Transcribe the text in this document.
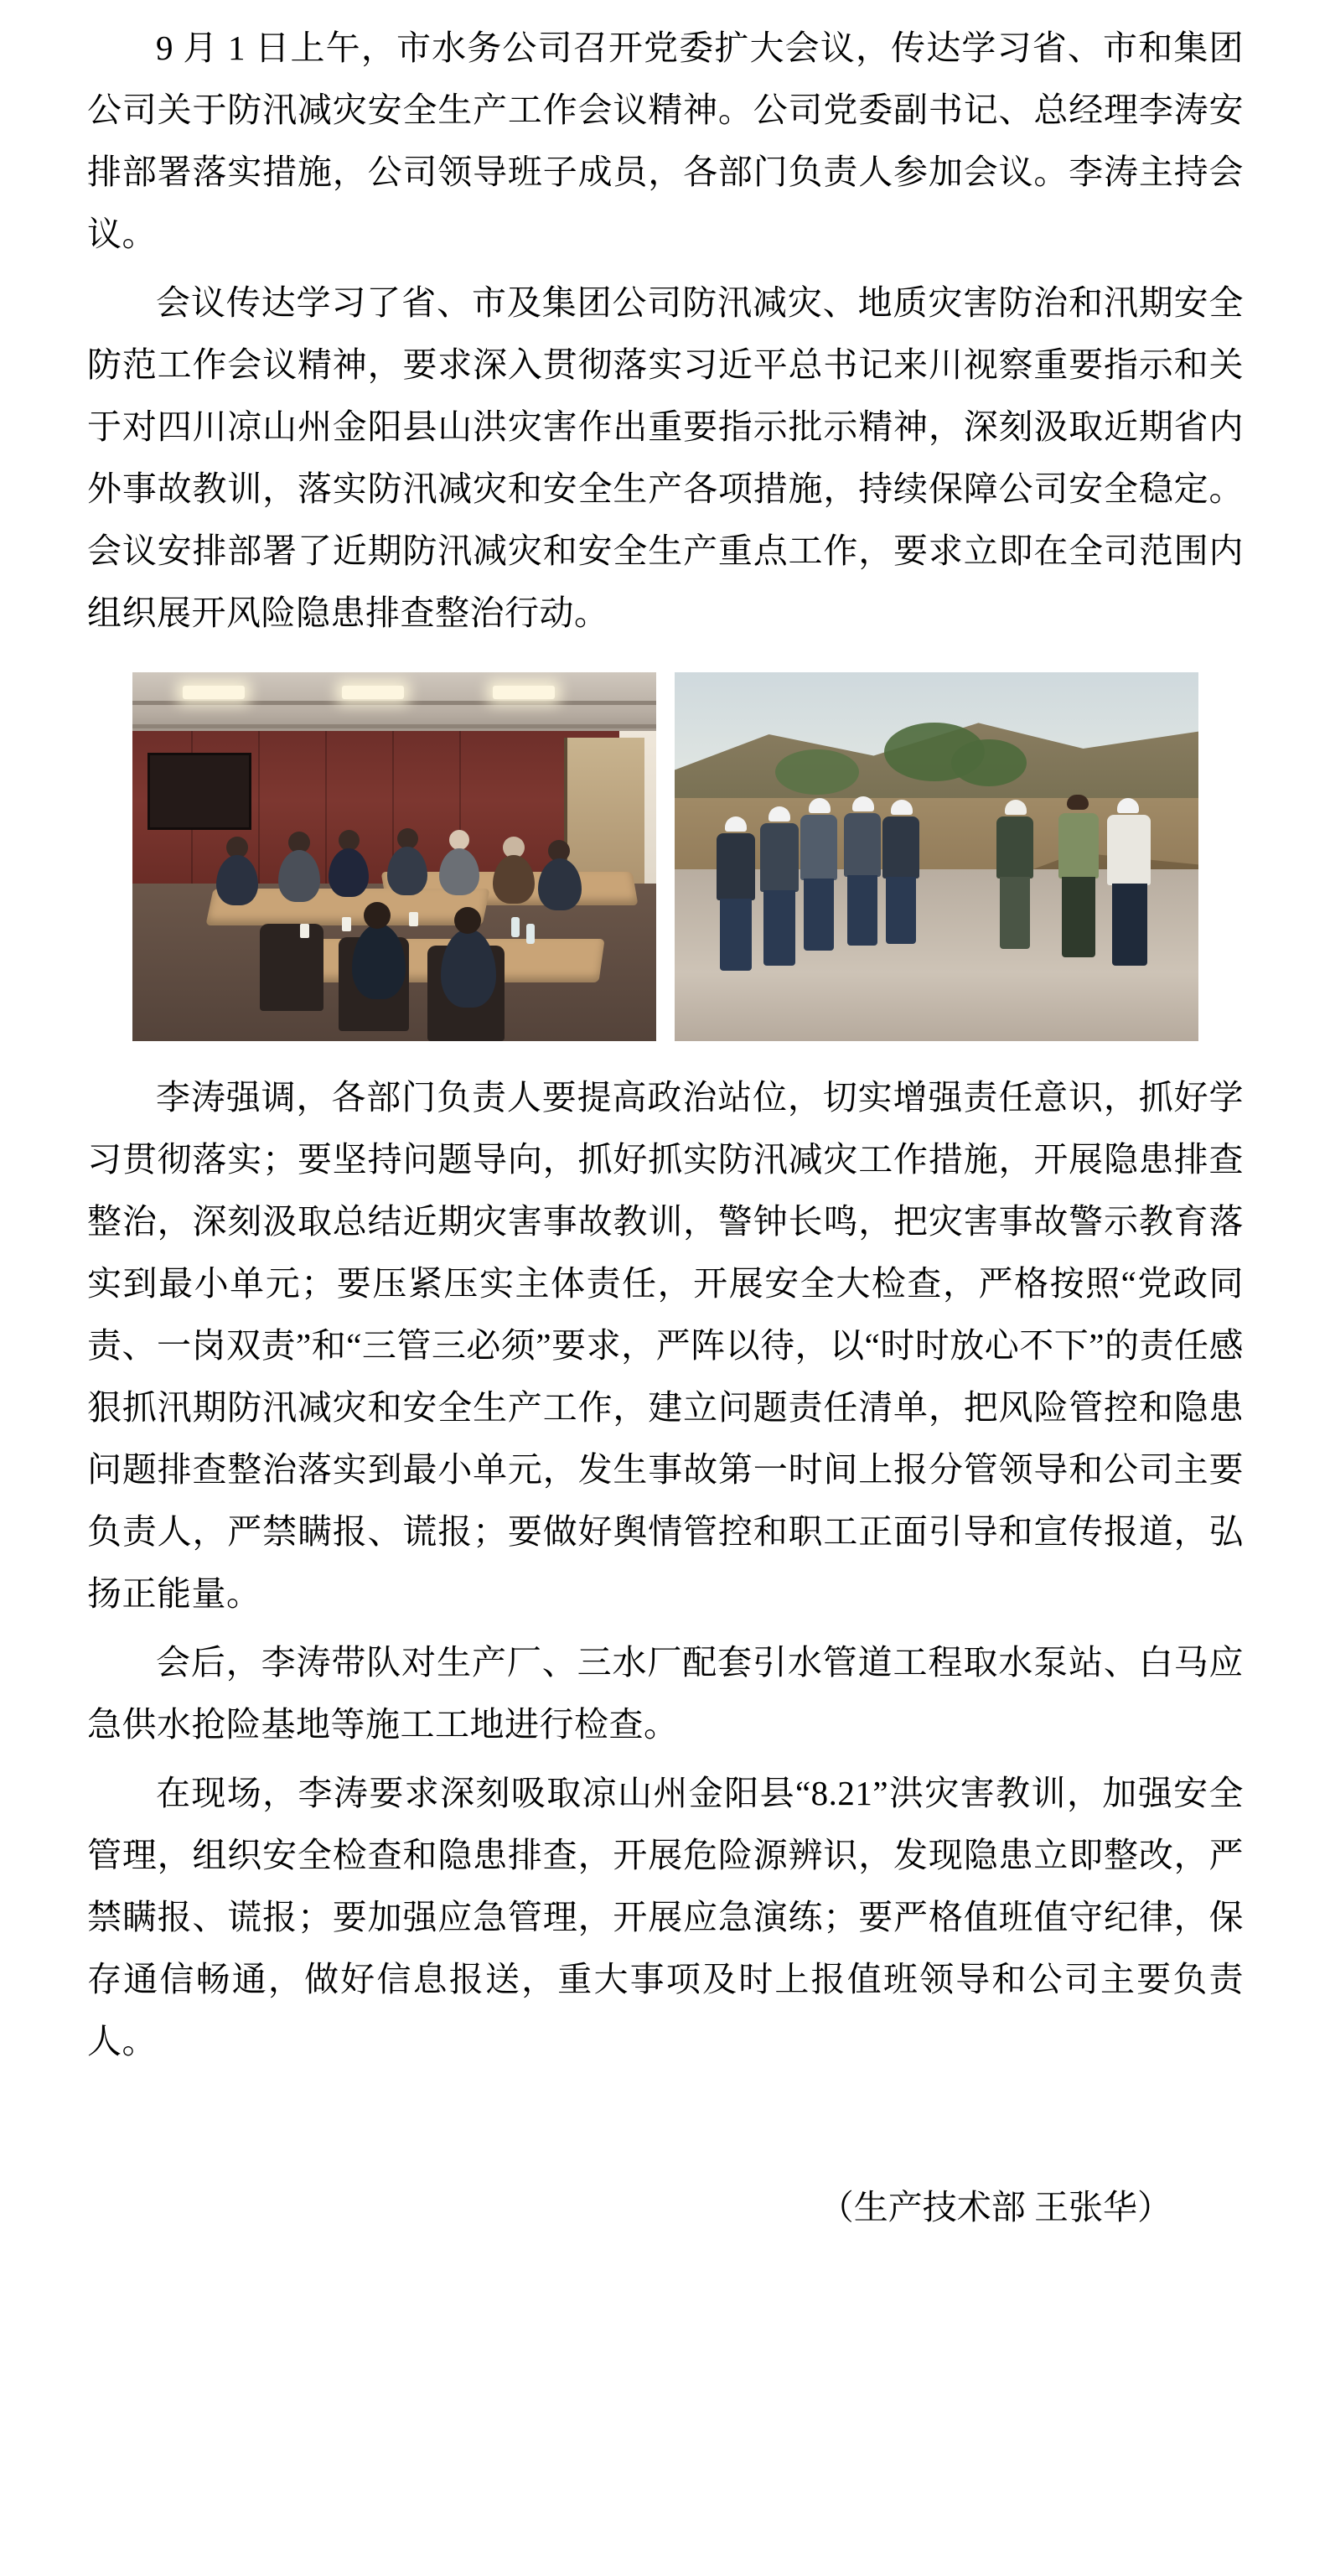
9 月 1 日上午，市水务公司召开党委扩大会议，传达学习省、市和集团公司关于防汛减灾安全生产工作会议精神。公司党委副书记、总经理李涛安排部署落实措施，公司领导班子成员，各部门负责人参加会议。李涛主持会议。

会议传达学习了省、市及集团公司防汛减灾、地质灾害防治和汛期安全防范工作会议精神，要求深入贯彻落实习近平总书记来川视察重要指示和关于对四川凉山州金阳县山洪灾害作出重要指示批示精神，深刻汲取近期省内外事故教训，落实防汛减灾和安全生产各项措施，持续保障公司安全稳定。会议安排部署了近期防汛减灾和安全生产重点工作，要求立即在全司范围内组织展开风险隐患排查整治行动。

李涛强调，各部门负责人要提高政治站位，切实增强责任意识，抓好学习贯彻落实；要坚持问题导向，抓好抓实防汛减灾工作措施，开展隐患排查整治，深刻汲取总结近期灾害事故教训，警钟长鸣，把灾害事故警示教育落实到最小单元；要压紧压实主体责任，开展安全大检查，严格按照“党政同责、一岗双责”和“三管三必须”要求，严阵以待，以“时时放心不下”的责任感狠抓汛期防汛减灾和安全生产工作，建立问题责任清单，把风险管控和隐患问题排查整治落实到最小单元，发生事故第一时间上报分管领导和公司主要负责人，严禁瞒报、谎报；要做好舆情管控和职工正面引导和宣传报道，弘扬正能量。

会后，李涛带队对生产厂、三水厂配套引水管道工程取水泵站、白马应急供水抢险基地等施工工地进行检查。

在现场，李涛要求深刻吸取凉山州金阳县“8.21”洪灾害教训，加强安全管理，组织安全检查和隐患排查，开展危险源辨识，发现隐患立即整改，严禁瞒报、谎报；要加强应急管理，开展应急演练；要严格值班值守纪律，保存通信畅通，做好信息报送，重大事项及时上报值班领导和公司主要负责人。

（生产技术部 王张华）
